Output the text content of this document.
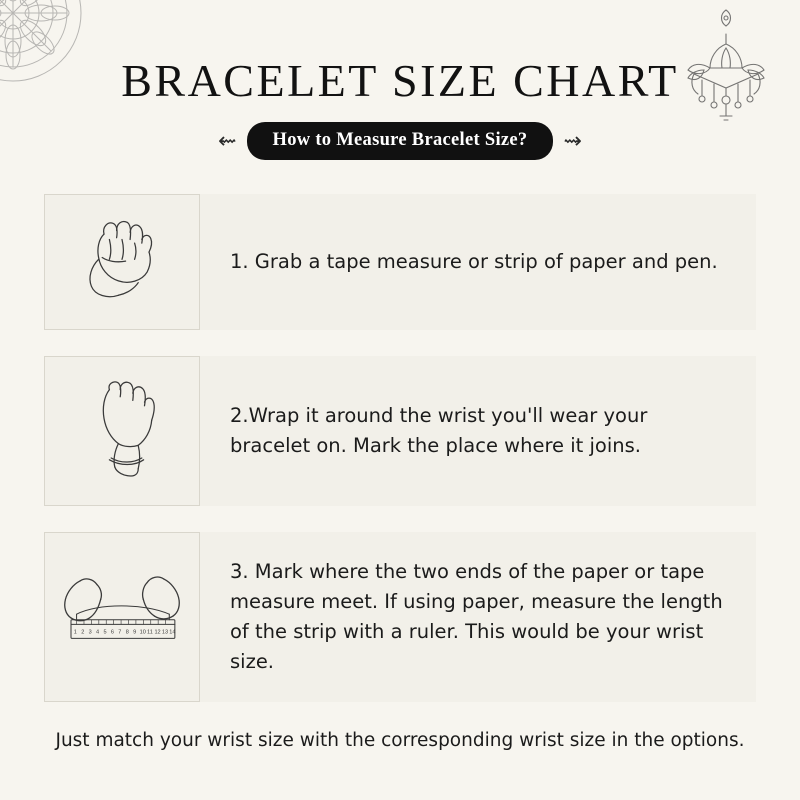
BRACELET SIZE CHART
⇝	How to Measure Bracelet Size?	⇝
1. Grab a tape measure or strip of paper and pen.
2.Wrap it around the wrist you'll wear your bracelet on. Mark the place where it joins.
1 2 3 4 5 6 7 8 9 10 11 12 13 14
3. Mark where the two ends of the paper or tape measure meet. If using paper, measure the length of the strip with a ruler. This would be your wrist size.
Just match your wrist size with the corresponding wrist size in the options.
